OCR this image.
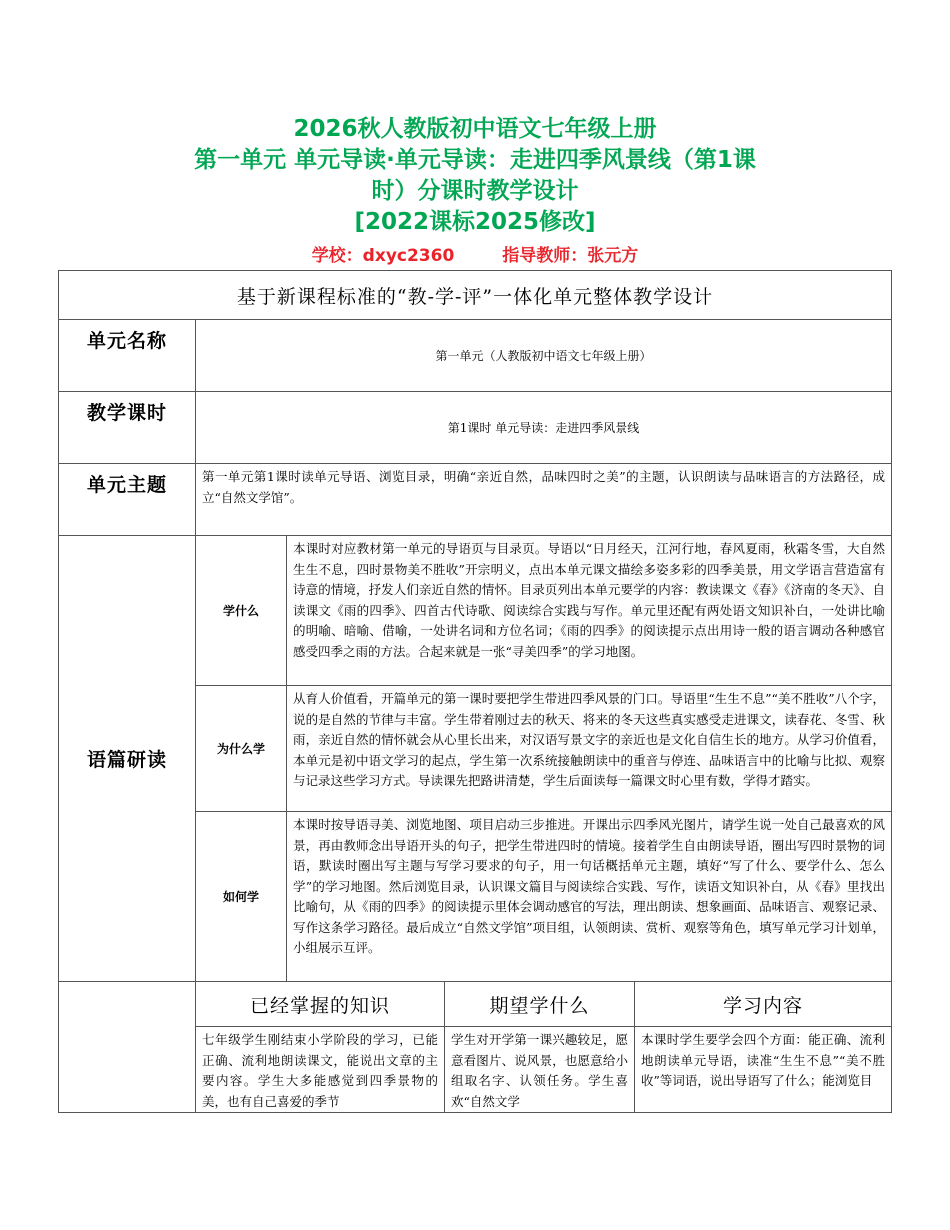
2026秋人教版初中语文七年级上册
第一单元 单元导读·单元导读：走进四季风景线（第1课
时）分课时教学设计
[2022课标2025修改]
学校：dxyc2360	指导教师：张元方
基于新课程标准的“教-学-评”一体化单元整体教学设计				
单元名称	第一单元（人教版初中语文七年级上册）			
教学课时	第1课时 单元导读：走进四季风景线			
单元主题	第一单元第1课时读单元导语、浏览目录，明确“亲近自然，品味四时之美”的主题，认识朗读与品味语言的方法路径，成立“自然文学馆”。			
语篇研读	学什么	本课时对应教材第一单元的导语页与目录页。导语以“日月经天，江河行地，春风夏雨，秋霜冬雪，大自然生生不息，四时景物美不胜收”开宗明义，点出本单元课文描绘多姿多彩的四季美景，用文学语言营造富有诗意的情境，抒发人们亲近自然的情怀。目录页列出本单元要学的内容：教读课文《春》《济南的冬天》、自读课文《雨的四季》、四首古代诗歌、阅读综合实践与写作。单元里还配有两处语文知识补白，一处讲比喻的明喻、暗喻、借喻，一处讲名词和方位名词；《雨的四季》的阅读提示点出用诗一般的语言调动各种感官感受四季之雨的方法。合起来就是一张“寻美四季”的学习地图。		
	为什么学	从育人价值看，开篇单元的第一课时要把学生带进四季风景的门口。导语里“生生不息”“美不胜收”八个字，说的是自然的节律与丰富。学生带着刚过去的秋天、将来的冬天这些真实感受走进课文，读春花、冬雪、秋雨，亲近自然的情怀就会从心里长出来，对汉语写景文字的亲近也是文化自信生长的地方。从学习价值看，本单元是初中语文学习的起点，学生第一次系统接触朗读中的重音与停连、品味语言中的比喻与比拟、观察与记录这些学习方式。导读课先把路讲清楚，学生后面读每一篇课文时心里有数，学得才踏实。		
	如何学	本课时按导语寻美、浏览地图、项目启动三步推进。开课出示四季风光图片，请学生说一处自己最喜欢的风景，再由教师念出导语开头的句子，把学生带进四时的情境。接着学生自由朗读导语，圈出写四时景物的词语，默读时圈出写主题与写学习要求的句子，用一句话概括单元主题，填好“写了什么、要学什么、怎么学”的学习地图。然后浏览目录，认识课文篇目与阅读综合实践、写作，读语文知识补白，从《春》里找出比喻句，从《雨的四季》的阅读提示里体会调动感官的写法，理出朗读、想象画面、品味语言、观察记录、写作这条学习路径。最后成立“自然文学馆”项目组，认领朗读、赏析、观察等角色，填写单元学习计划单，小组展示互评。		
	已经掌握的知识		期望学什么	学习内容

	七年级学生刚结束小学阶段的学习，已能正确、流利地朗读课文，能说出文章的主要内容。学生大多能感觉到四季景物的美，也有自己喜爱的季节		学生对开学第一课兴趣较足，愿意看图片、说风景，也愿意给小组取名字、认领任务。学生喜欢“自然文学	本课时学生要学会四个方面：能正确、流利地朗读单元导语，读准“生生不息”“美不胜收”等词语，说出导语写了什么；能浏览目
